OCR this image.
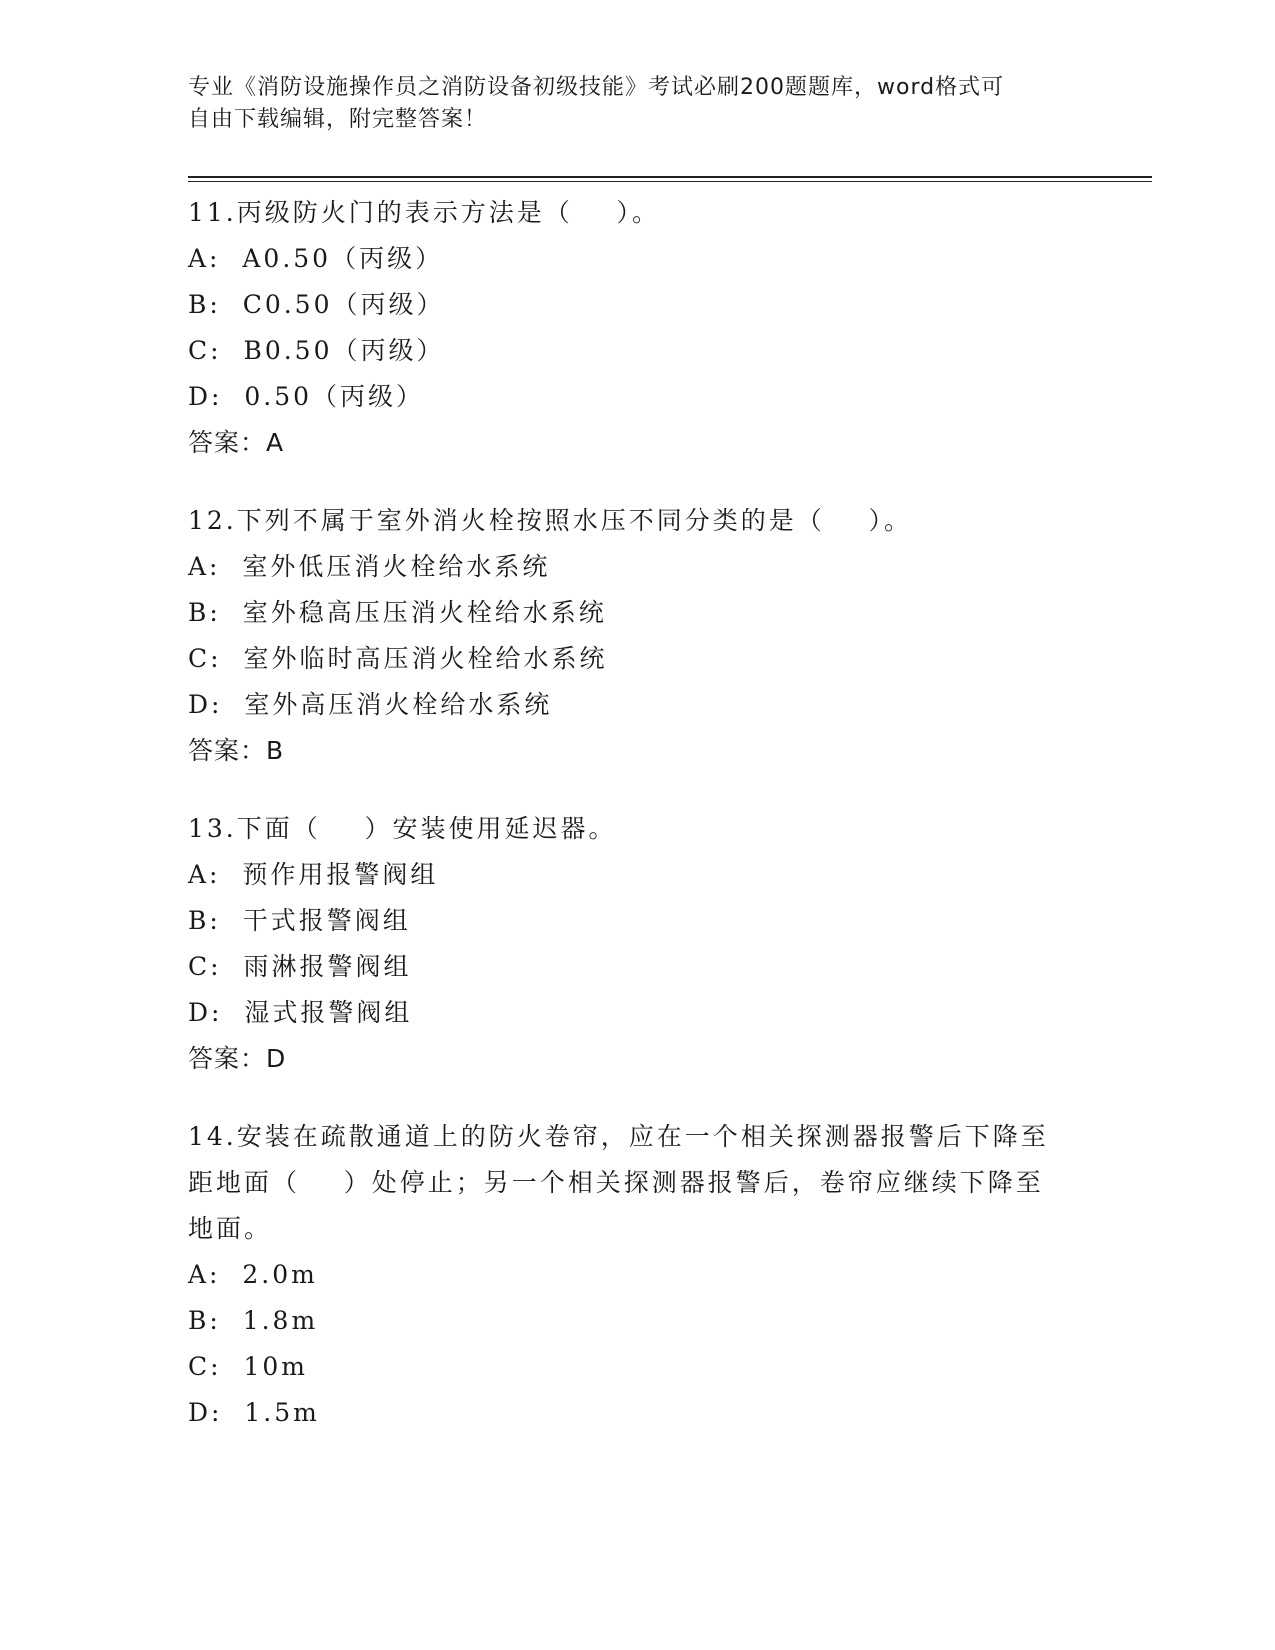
专业《消防设施操作员之消防设备初级技能》考试必刷200题题库，word格式可
自由下载编辑，附完整答案！
11.丙级防火门的表示方法是（    ）。
A:  A0.50（丙级）
B:  C0.50（丙级）
C:  B0.50（丙级）
D:  0.50（丙级）
答案：A
12.下列不属于室外消火栓按照水压不同分类的是（    ）。
A:  室外低压消火栓给水系统
B:  室外稳高压压消火栓给水系统
C:  室外临时高压消火栓给水系统
D:  室外高压消火栓给水系统
答案：B
13.下面（    ）安装使用延迟器。
A:  预作用报警阀组
B:  干式报警阀组
C:  雨淋报警阀组
D:  湿式报警阀组
答案：D
14.安装在疏散通道上的防火卷帘，应在一个相关探测器报警后下降至
距地面（    ）处停止；另一个相关探测器报警后，卷帘应继续下降至
地面。
A:  2.0m
B:  1.8m
C:  10m
D:  1.5m
